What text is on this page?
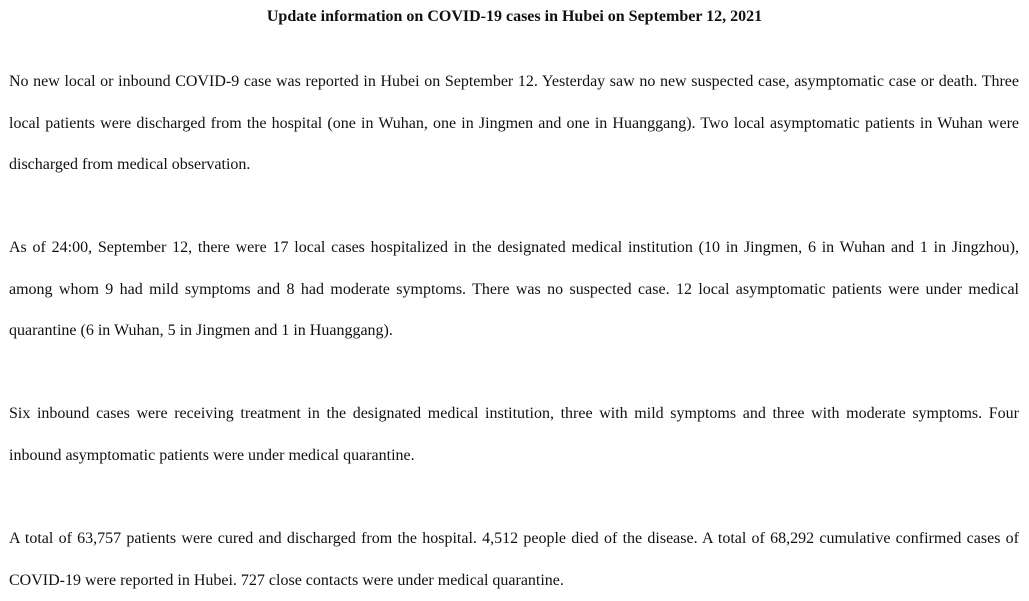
Update information on COVID-19 cases in Hubei on September 12, 2021

No new local or inbound COVID-9 case was reported in Hubei on September 12. Yesterday saw no new suspected case, asymptomatic case or death. Three local patients were discharged from the hospital (one in Wuhan, one in Jingmen and one in Huanggang). Two local asymptomatic patients in Wuhan were discharged from medical observation.

As of 24:00, September 12, there were 17 local cases hospitalized in the designated medical institution (10 in Jingmen, 6 in Wuhan and 1 in Jingzhou), among whom 9 had mild symptoms and 8 had moderate symptoms. There was no suspected case. 12 local asymptomatic patients were under medical quarantine (6 in Wuhan, 5 in Jingmen and 1 in Huanggang).

Six inbound cases were receiving treatment in the designated medical institution, three with mild symptoms and three with moderate symptoms. Four inbound asymptomatic patients were under medical quarantine.

A total of 63,757 patients were cured and discharged from the hospital. 4,512 people died of the disease. A total of 68,292 cumulative confirmed cases of COVID-19 were reported in Hubei. 727 close contacts were under medical quarantine.
